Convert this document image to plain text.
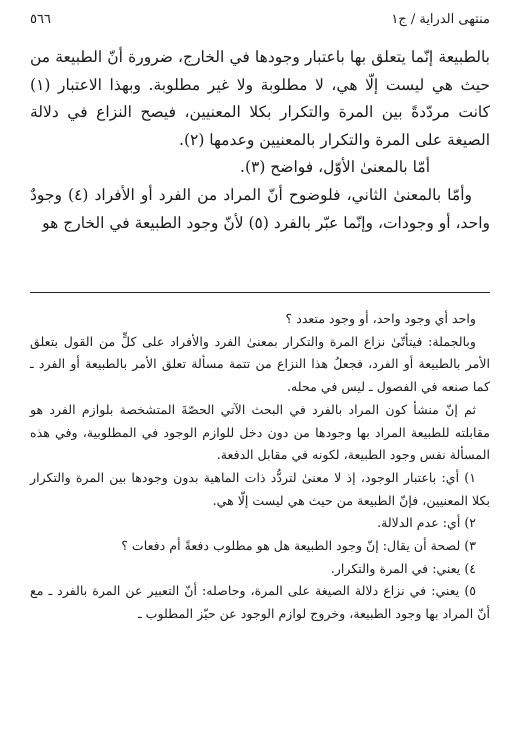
منتهى الدراية / ج١
٥٦٦

بالطبيعة إنّما يتعلق بها باعتبار وجودها في الخارج، ضرورة أنّ الطبيعة من حيث هي ليست إلّا هي، لا مطلوبة ولا غير مطلوبة. وبهذا الاعتبار (١) كانت مردّدةً بين المرة والتكرار بكلا المعنيين، فيصح النزاع في دلالة الصيغة على المرة والتكرار بالمعنيين وعدمها (٢).

أمّا بالمعنىٰ الأوّل، فواضح (٣).

وأمّا بالمعنىٰ الثاني، فلوضوح أنّ المراد من الفرد أو الأفراد (٤) وجودٌ واحد، أو وجودات، وإنّما عبّر بالفرد (٥) لأنّ وجود الطبيعة في الخارج هو

واحد أي وجود واحد، أو وجود متعدد ؟

وبالجملة: فيتأتّىٰ نزاع المرة والتكرار بمعنىٰ الفرد والأفراد على كلٍّ من القول بتعلق الأمر بالطبيعة أو الفرد، فجعلُ هذا النزاع من تتمة مسألة تعلق الأمر بالطبيعة أو الفرد ـ كما صنعه في الفصول ـ ليس في محله.

ثم إنّ منشأ كون المراد بالفرد في البحث الآتي الحصّةَ المتشخصة بلوازم الفرد هو مقابلته للطبيعة المراد بها وجودها من دون دخل للوازم الوجود في المطلوبية، وفي هذه المسألة نفس وجود الطبيعة، لكونه في مقابل الدفعة.

١) أي: باعتبار الوجود، إذ لا معنىٰ لتردُّد ذات الماهية بدون وجودها بين المرة والتكرار بكلا المعنيين، فإنّ الطبيعة من حيث هي ليست إلّا هي.

٢) أي: عدم الدلالة.

٣) لصحة أن يقال: إنّ وجود الطبيعة هل هو مطلوب دفعةً أم دفعات ؟

٤) يعني: في المرة والتكرار.

٥) يعني: في نزاع دلالة الصيغة على المرة، وحاصله: أنّ التعبير عن المرة بالفرد ـ مع أنّ المراد بها وجود الطبيعة، وخروج لوازم الوجود عن حيّز المطلوب ـ
